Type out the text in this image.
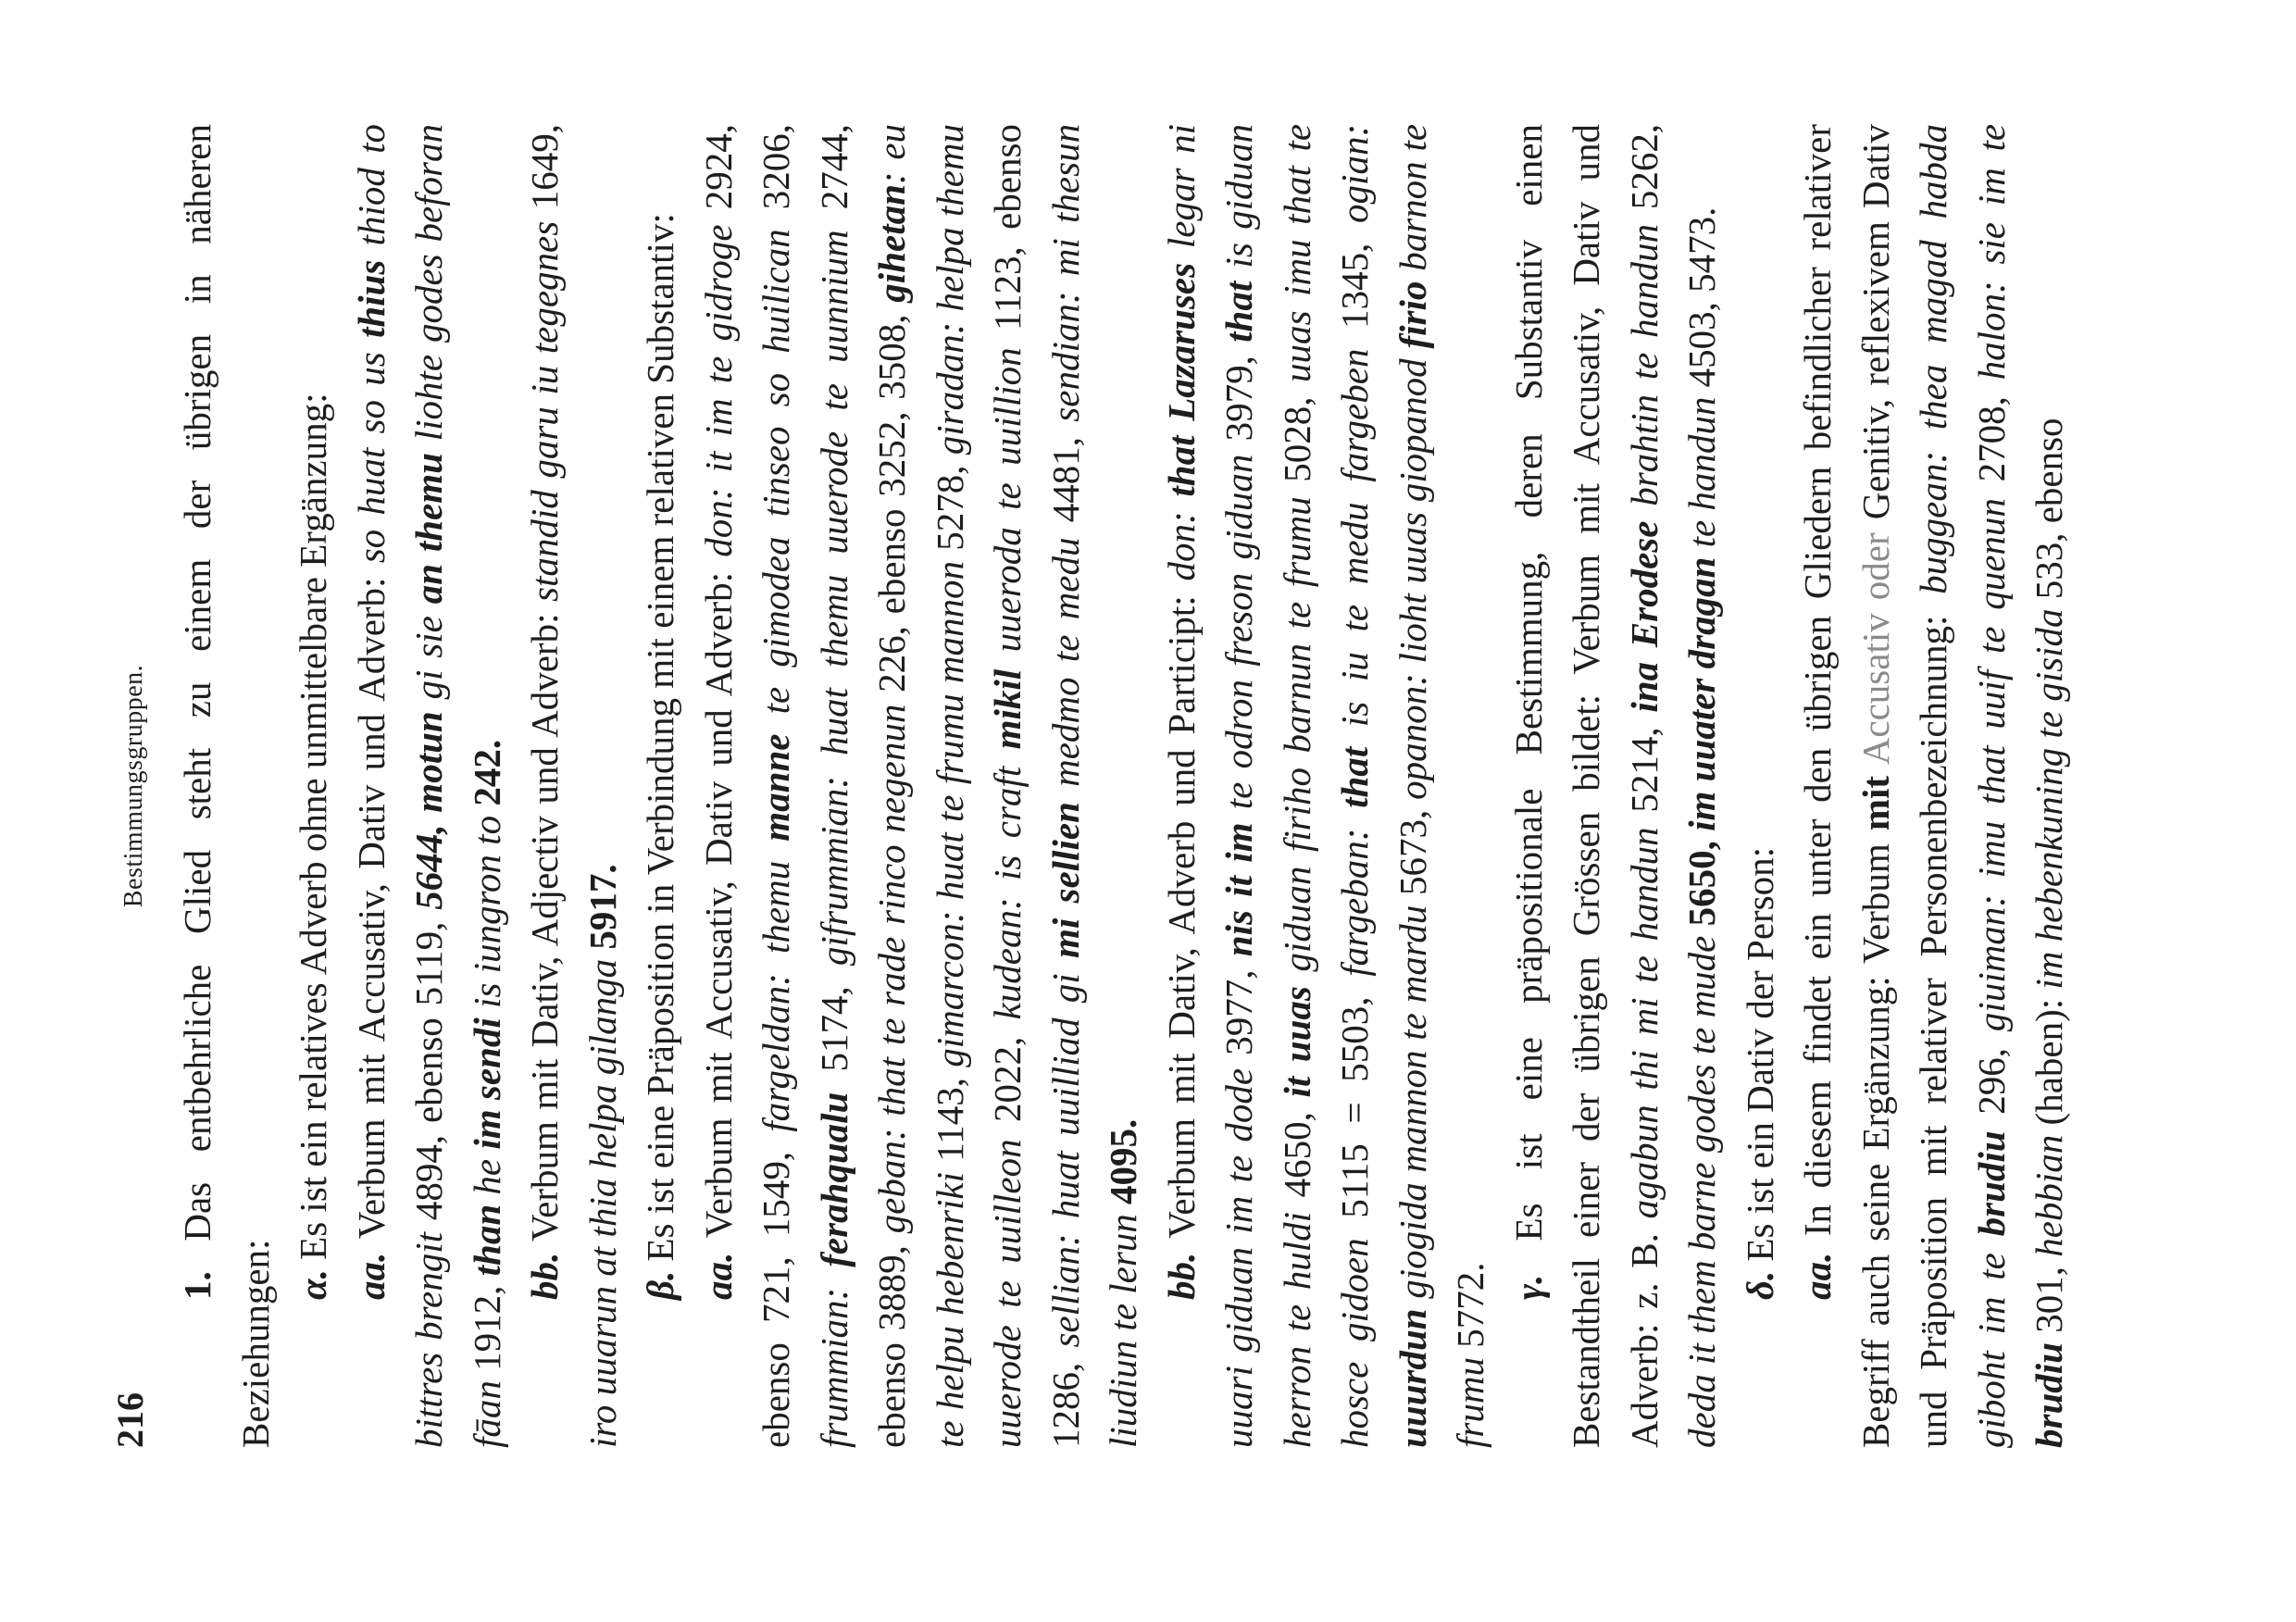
216
Bestimmungsgruppen.

1. Das entbehrliche Glied steht zu einem der übrigen in näheren Beziehungen: α. Es ist ein relatives Adverb ohne unmittelbare Ergänzung:

aa. Verbum mit Accusativ, Dativ und Adverb: so huat so us thius thiod to bittres brengit 4894, ebenso 5119, 5644, motun gi sie an themu liohte godes beforan fāan 1912, than he im sendi is iungron to 242.

bb. Verbum mit Dativ, Adjectiv und Adverb: standid garu iu tegegnes 1649, iro uuarun at thia helpa gilanga 5917.

β. Es ist eine Präposition in Verbindung mit einem relativen Substantiv:

aa. Verbum mit Accusativ, Dativ und Adverb: don: it im te gidroge 2924, ebenso 721, 1549, fargeldan: themu manne te gimodea tinseo so huilican 3206, frummian: ferahqualu 5174, gifrummian: huat themu uuerode te uunnium 2744, ebenso 3889, geban: that te rade rinco negenun 226, ebenso 3252, 3508, gihetan: eu te helpu hebenriki 1143, gimarcon: huat te frumu mannon 5278, giradan: helpa themu uuerode te uuilleon 2022, kudean: is craft mikil uueroda te uuillion 1123, ebenso 1286, sellian: huat uuilliad gi mi sellien medmo te medu 4481, sendian: mi thesun liudiun te lerun 4095.

bb. Verbum mit Dativ, Adverb und Participt: don: that Lazaruses legar ni uuari giduan im te dode 3977, nis it im te odron freson giduan 3979, that is giduan herron te huldi 4650, it uuas giduan firiho barnun te frumu 5028, uuas imu that te hosce gidoen 5115 = 5503, fargeban: that is iu te medu fargeben 1345, ogian: uuurdun giogida mannon te mardu 5673, opanon: lioht uuas giopanod firio barnon te frumu 5772. γ. Es ist eine präpositionale Bestimmung, deren Substantiv einen Bestandtheil einer der übrigen Grössen bildet: Verbum mit Accusativ, Dativ und Adverb: z. B. agabun thi mi te handun 5214, ina Erodese brahtin te handun 5262, deda it them barne godes te mude 5650, im uuater dragan te handun 4503, 5473.

δ. Es ist ein Dativ der Person:

aa. In diesem findet ein unter den übrigen Gliedern befindlicher relativer Begriff auch seine Ergänzung: Verbum mit Accusativ oder Genitiv, reflexivem Dativ und Präposition mit relativer Personenbezeichnung: buggean: thea magad habda giboht im te brudiu 296, giuiman: imu that uuif te quenun 2708, halon: sie im te brudiu 301, hebbian (haben): im hebenkuning te gisida 533, ebenso
